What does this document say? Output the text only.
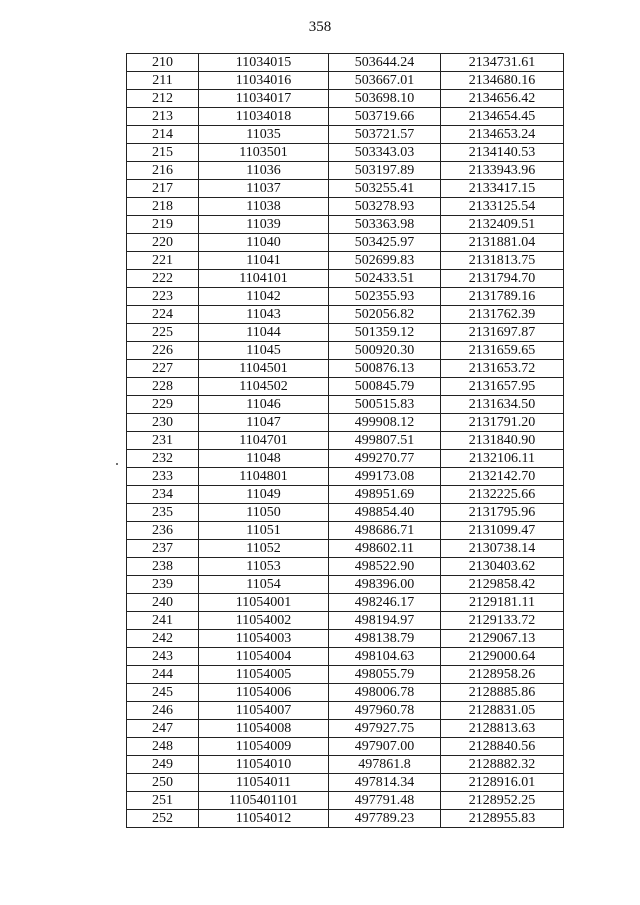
358
210	11034015	503644.24	2134731.61
211	11034016	503667.01	2134680.16
212	11034017	503698.10	2134656.42
213	11034018	503719.66	2134654.45
214	11035	503721.57	2134653.24
215	1103501	503343.03	2134140.53
216	11036	503197.89	2133943.96
217	11037	503255.41	2133417.15
218	11038	503278.93	2133125.54
219	11039	503363.98	2132409.51
220	11040	503425.97	2131881.04
221	11041	502699.83	2131813.75
222	1104101	502433.51	2131794.70
223	11042	502355.93	2131789.16
224	11043	502056.82	2131762.39
225	11044	501359.12	2131697.87
226	11045	500920.30	2131659.65
227	1104501	500876.13	2131653.72
228	1104502	500845.79	2131657.95
229	11046	500515.83	2131634.50
230	11047	499908.12	2131791.20
231	1104701	499807.51	2131840.90
232	11048	499270.77	2132106.11
233	1104801	499173.08	2132142.70
234	11049	498951.69	2132225.66
235	11050	498854.40	2131795.96
236	11051	498686.71	2131099.47
237	11052	498602.11	2130738.14
238	11053	498522.90	2130403.62
239	11054	498396.00	2129858.42
240	11054001	498246.17	2129181.11
241	11054002	498194.97	2129133.72
242	11054003	498138.79	2129067.13
243	11054004	498104.63	2129000.64
244	11054005	498055.79	2128958.26
245	11054006	498006.78	2128885.86
246	11054007	497960.78	2128831.05
247	11054008	497927.75	2128813.63
248	11054009	497907.00	2128840.56
249	11054010	497861.8	2128882.32
250	11054011	497814.34	2128916.01
251	1105401101	497791.48	2128952.25
252	11054012	497789.23	2128955.83
